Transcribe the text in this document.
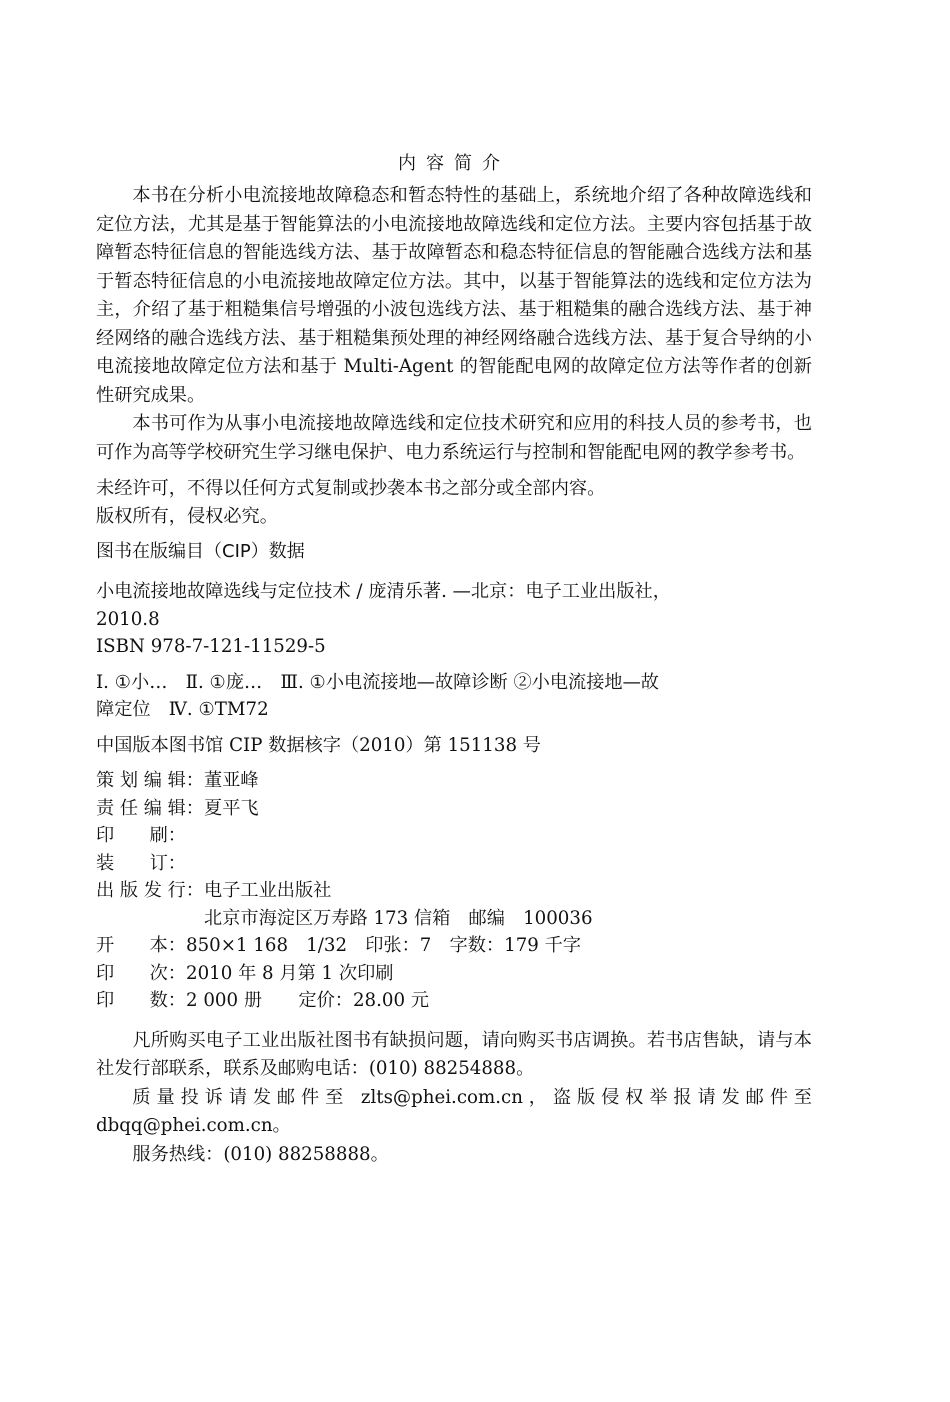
内容简介

本书在分析小电流接地故障稳态和暂态特性的基础上，系统地介绍了各种故障选线和定位方法，尤其是基于智能算法的小电流接地故障选线和定位方法。主要内容包括基于故障暂态特征信息的智能选线方法、基于故障暂态和稳态特征信息的智能融合选线方法和基于暂态特征信息的小电流接地故障定位方法。其中，以基于智能算法的选线和定位方法为主，介绍了基于粗糙集信号增强的小波包选线方法、基于粗糙集的融合选线方法、基于神经网络的融合选线方法、基于粗糙集预处理的神经网络融合选线方法、基于复合导纳的小电流接地故障定位方法和基于 Multi-Agent 的智能配电网的故障定位方法等作者的创新性研究成果。

本书可作为从事小电流接地故障选线和定位技术研究和应用的科技人员的参考书，也可作为高等学校研究生学习继电保护、电力系统运行与控制和智能配电网的教学参考书。

未经许可，不得以任何方式复制或抄袭本书之部分或全部内容。

版权所有，侵权必究。

图书在版编目（CIP）数据

小电流接地故障选线与定位技术 / 庞清乐著. —北京：电子工业出版社，

2010.8

ISBN 978-7-121-11529-5

Ⅰ. ①小…　Ⅱ. ①庞…　Ⅲ. ①小电流接地—故障诊断 ②小电流接地—故

障定位　Ⅳ. ①TM72

中国版本图书馆 CIP 数据核字（2010）第 151138 号

策 划 编 辑： 董亚峰
责 任 编 辑： 夏平飞
印 刷：
装 订：
出 版 发 行： 电子工业出版社
北京市海淀区万寿路 173 信箱　邮编　100036
开 本： 850×1 168　1/32　印张：7　字数：179 千字
印 次： 2010 年 8 月第 1 次印刷
印 数： 2 000 册　　定价：28.00 元

凡所购买电子工业出版社图书有缺损问题，请向购买书店调换。若书店售缺，请与本社发行部联系，联系及邮购电话：(010) 88254888。

质量投诉请发邮件至 zlts@phei.com.cn，盗版侵权举报请发邮件至 dbqq@phei.com.cn。

服务热线：(010) 88258888。
